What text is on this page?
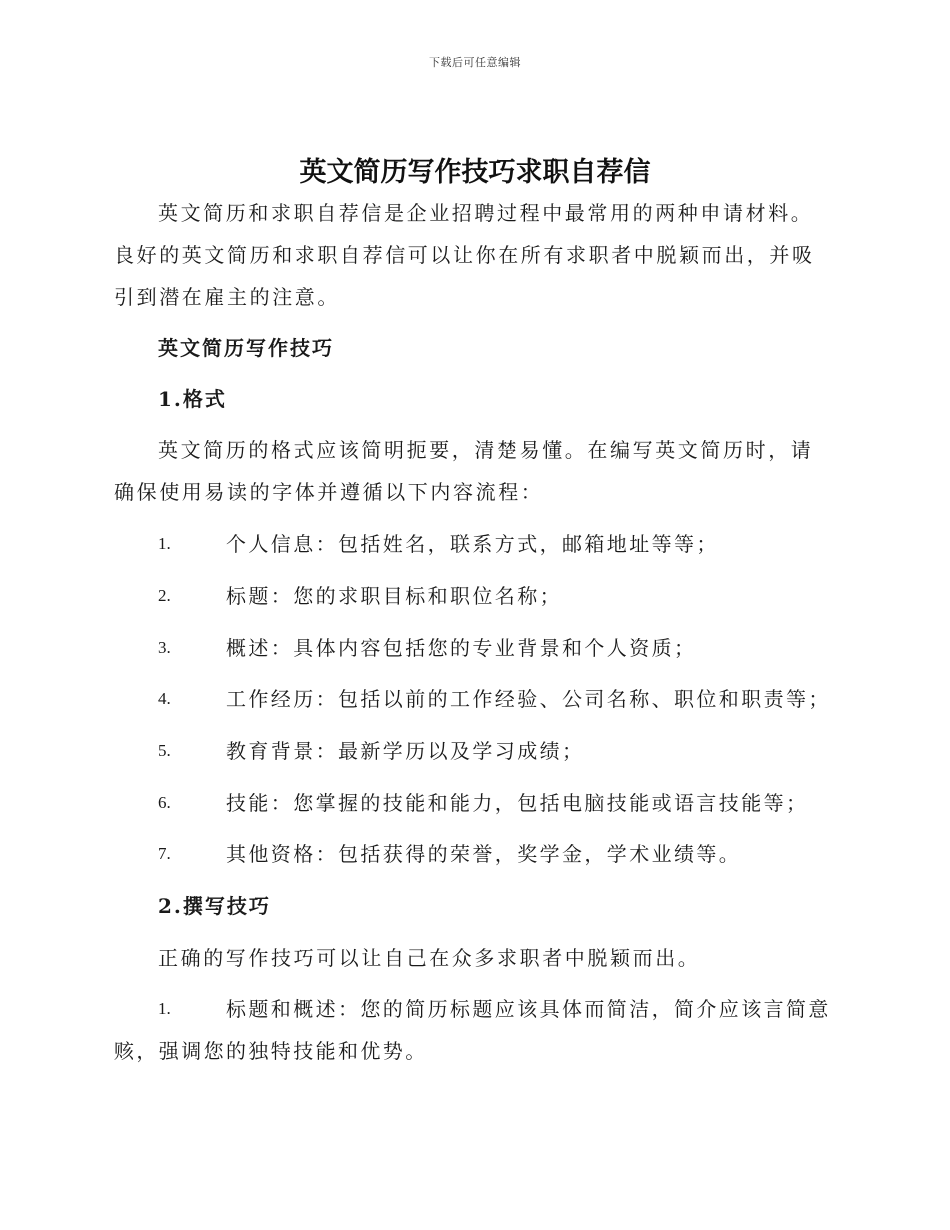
下载后可任意编辑
英文简历写作技巧求职自荐信

英文简历和求职自荐信是企业招聘过程中最常用的两种申请材料。良好的英文简历和求职自荐信可以让你在所有求职者中脱颖而出，并吸引到潜在雇主的注意。

英文简历写作技巧
1.格式

英文简历的格式应该简明扼要，清楚易懂。在编写英文简历时，请确保使用易读的字体并遵循以下内容流程：

1.	个人信息：包括姓名，联系方式，邮箱地址等等；
2.	标题：您的求职目标和职位名称；
3.	概述：具体内容包括您的专业背景和个人资质；
4.	工作经历：包括以前的工作经验、公司名称、职位和职责等；
5.	教育背景：最新学历以及学习成绩；
6.	技能：您掌握的技能和能力，包括电脑技能或语言技能等；
7.	其他资格：包括获得的荣誉，奖学金，学术业绩等。
2.撰写技巧

正确的写作技巧可以让自己在众多求职者中脱颖而出。

1.	标题和概述：您的简历标题应该具体而简洁，简介应该言简意赅，强调您的独特技能和优势。
